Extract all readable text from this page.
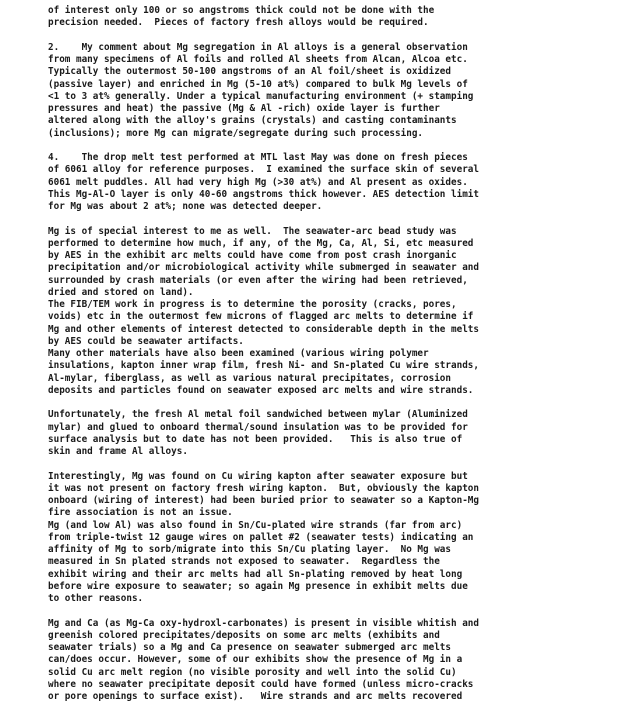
of interest only 100 or so angstroms thick could not be done with the
precision needed.  Pieces of factory fresh alloys would be required.
2.    My comment about Mg segregation in Al alloys is a general observation
from many specimens of Al foils and rolled Al sheets from Alcan, Alcoa etc.
Typically the outermost 50-100 angstroms of an Al foil/sheet is oxidized
(passive layer) and enriched in Mg (5-10 at%) compared to bulk Mg levels of
<1 to 3 at% generally. Under a typical manufacturing environment (+ stamping
pressures and heat) the passive (Mg & Al -rich) oxide layer is further
altered along with the alloy's grains (crystals) and casting contaminants
(inclusions); more Mg can migrate/segregate during such processing.
4.    The drop melt test performed at MTL last May was done on fresh pieces
of 6061 alloy for reference purposes.  I examined the surface skin of several
6061 melt puddles. All had very high Mg (>30 at%) and Al present as oxides.
This Mg-Al-O layer is only 40-60 angstroms thick however. AES detection limit
for Mg was about 2 at%; none was detected deeper.
Mg is of special interest to me as well.  The seawater-arc bead study was
performed to determine how much, if any, of the Mg, Ca, Al, Si, etc measured
by AES in the exhibit arc melts could have come from post crash inorganic
precipitation and/or microbiological activity while submerged in seawater and
surrounded by crash materials (or even after the wiring had been retrieved,
dried and stored on land).
The FIB/TEM work in progress is to determine the porosity (cracks, pores,
voids) etc in the outermost few microns of flagged arc melts to determine if
Mg and other elements of interest detected to considerable depth in the melts
by AES could be seawater artifacts.
Many other materials have also been examined (various wiring polymer
insulations, kapton inner wrap film, fresh Ni- and Sn-plated Cu wire strands,
Al-mylar, fiberglass, as well as various natural precipitates, corrosion
deposits and particles found on seawater exposed arc melts and wire strands.
Unfortunately, the fresh Al metal foil sandwiched between mylar (Aluminized
mylar) and glued to onboard thermal/sound insulation was to be provided for
surface analysis but to date has not been provided.   This is also true of
skin and frame Al alloys.
Interestingly, Mg was found on Cu wiring kapton after seawater exposure but
it was not present on factory fresh wiring kapton.  But, obviously the kapton
onboard (wiring of interest) had been buried prior to seawater so a Kapton-Mg
fire association is not an issue.
Mg (and low Al) was also found in Sn/Cu-plated wire strands (far from arc)
from triple-twist 12 gauge wires on pallet #2 (seawater tests) indicating an
affinity of Mg to sorb/migrate into this Sn/Cu plating layer.  No Mg was
measured in Sn plated strands not exposed to seawater.  Regardless the
exhibit wiring and their arc melts had all Sn-plating removed by heat long
before wire exposure to seawater; so again Mg presence in exhibit melts due
to other reasons.
Mg and Ca (as Mg-Ca oxy-hydroxl-carbonates) is present in visible whitish and
greenish colored precipitates/deposits on some arc melts (exhibits and
seawater trials) so a Mg and Ca presence on seawater submerged arc melts
can/does occur. However, some of our exhibits show the presence of Mg in a
solid Cu arc melt region (no visible porosity and well into the solid Cu)
where no seawater precipitate deposit could have formed (unless micro-cracks
or pore openings to surface exist).   Wire strands and arc melts recovered
